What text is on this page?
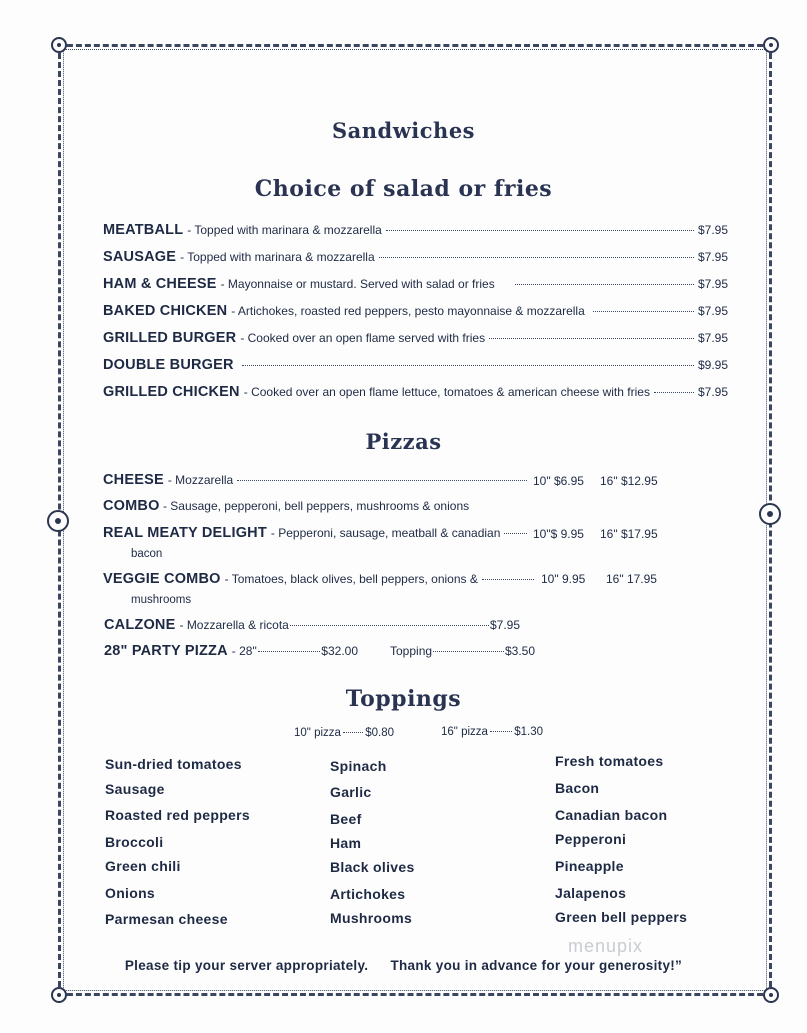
Sandwiches
Choice of salad or fries
MEATBALL - Topped with marinara & mozzarella	$7.95
SAUSAGE - Topped with marinara & mozzarella	$7.95
HAM & CHEESE - Mayonnaise or mustard. Served with salad or fries	$7.95
BAKED CHICKEN - Artichokes, roasted red peppers, pesto mayonnaise & mozzarella	$7.95
GRILLED BURGER - Cooked over an open flame served with fries	$7.95
DOUBLE BURGER	$9.95
GRILLED CHICKEN - Cooked over an open flame lettuce, tomatoes & american cheese with fries	$7.95
Pizzas
CHEESE - Mozzarella	10" $6.95 16" $12.95
COMBO - Sausage, pepperoni, bell peppers, mushrooms & onions
REAL MEATY DELIGHT - Pepperoni, sausage, meatball & canadian	10"$ 9.95 16" $17.95
bacon
VEGGIE COMBO - Tomatoes, black olives, bell peppers, onions &	10" 9.95 16" 17.95
mushrooms
CALZONE - Mozzarella & ricota	$7.95
28" PARTY PIZZA - 28"	$32.00	Topping	$3.50
Toppings
10" pizza $0.80	16" pizza $1.30
Sun-dried tomatoes
Sausage
Roasted red peppers
Broccoli
Green chili
Onions
Parmesan cheese
Spinach
Garlic
Beef
Ham
Black olives
Artichokes
Mushrooms
Fresh tomatoes
Bacon
Canadian bacon
Pepperoni
Pineapple
Jalapenos
Green bell peppers
menupix
Please tip your server appropriately. Thank you in advance for your generosity!”
